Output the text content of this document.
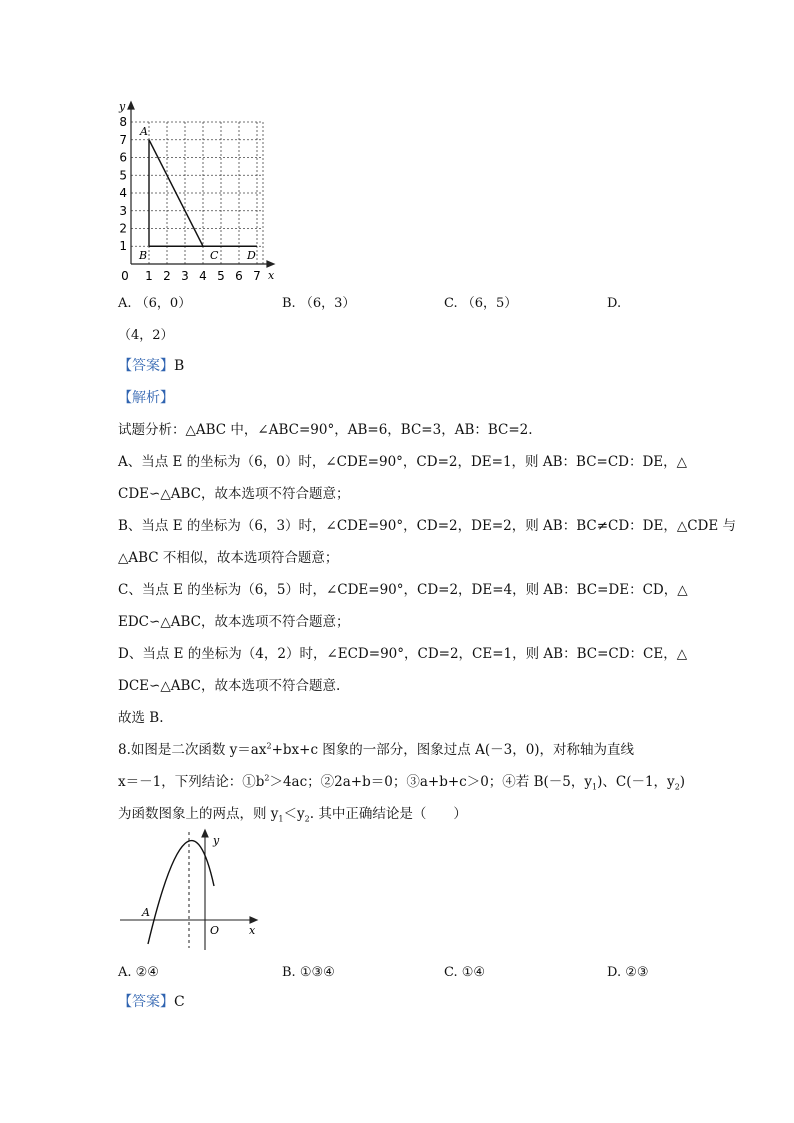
y
x
0
8
7
6
5
4
3
2
1
1 2 3 4 5 6 7
A
B	C	D
A. （6，0）	B. （6，3）	C. （6，5）	D.
（4，2）
【答案】B
【解析】
试题分析：△ABC 中，∠ABC=90°，AB=6，BC=3，AB：BC=2.
A、当点 E 的坐标为（6，0）时，∠CDE=90°，CD=2，DE=1，则 AB：BC=CD：DE，△
CDE∽△ABC，故本选项不符合题意；
B、当点 E 的坐标为（6，3）时，∠CDE=90°，CD=2，DE=2，则 AB：BC≠CD：DE，△CDE 与
△ABC 不相似，故本选项符合题意；
C、当点 E 的坐标为（6，5）时，∠CDE=90°，CD=2，DE=4，则 AB：BC=DE：CD，△
EDC∽△ABC，故本选项不符合题意；
D、当点 E 的坐标为（4，2）时，∠ECD=90°，CD=2，CE=1，则 AB：BC=CD：CE，△
DCE∽△ABC，故本选项不符合题意.
故选 B.
8.如图是二次函数 $y=ax^2+bx+c$ 图象的一部分，图象过点 A(－3，0)，对称轴为直线
x＝－1，下列结论：$①b^2>4ac$；②2a+b＝0；③a+b+c＞0；④若 B(－5，$y_1$)、C(－1，$y_2$)
为函数图象上的两点，则 $y_1<y_2$. 其中正确结论是（　　）
y
x
O
A
A. ②④	B. ①③④	C. ①④	D. ②③
【答案】C
